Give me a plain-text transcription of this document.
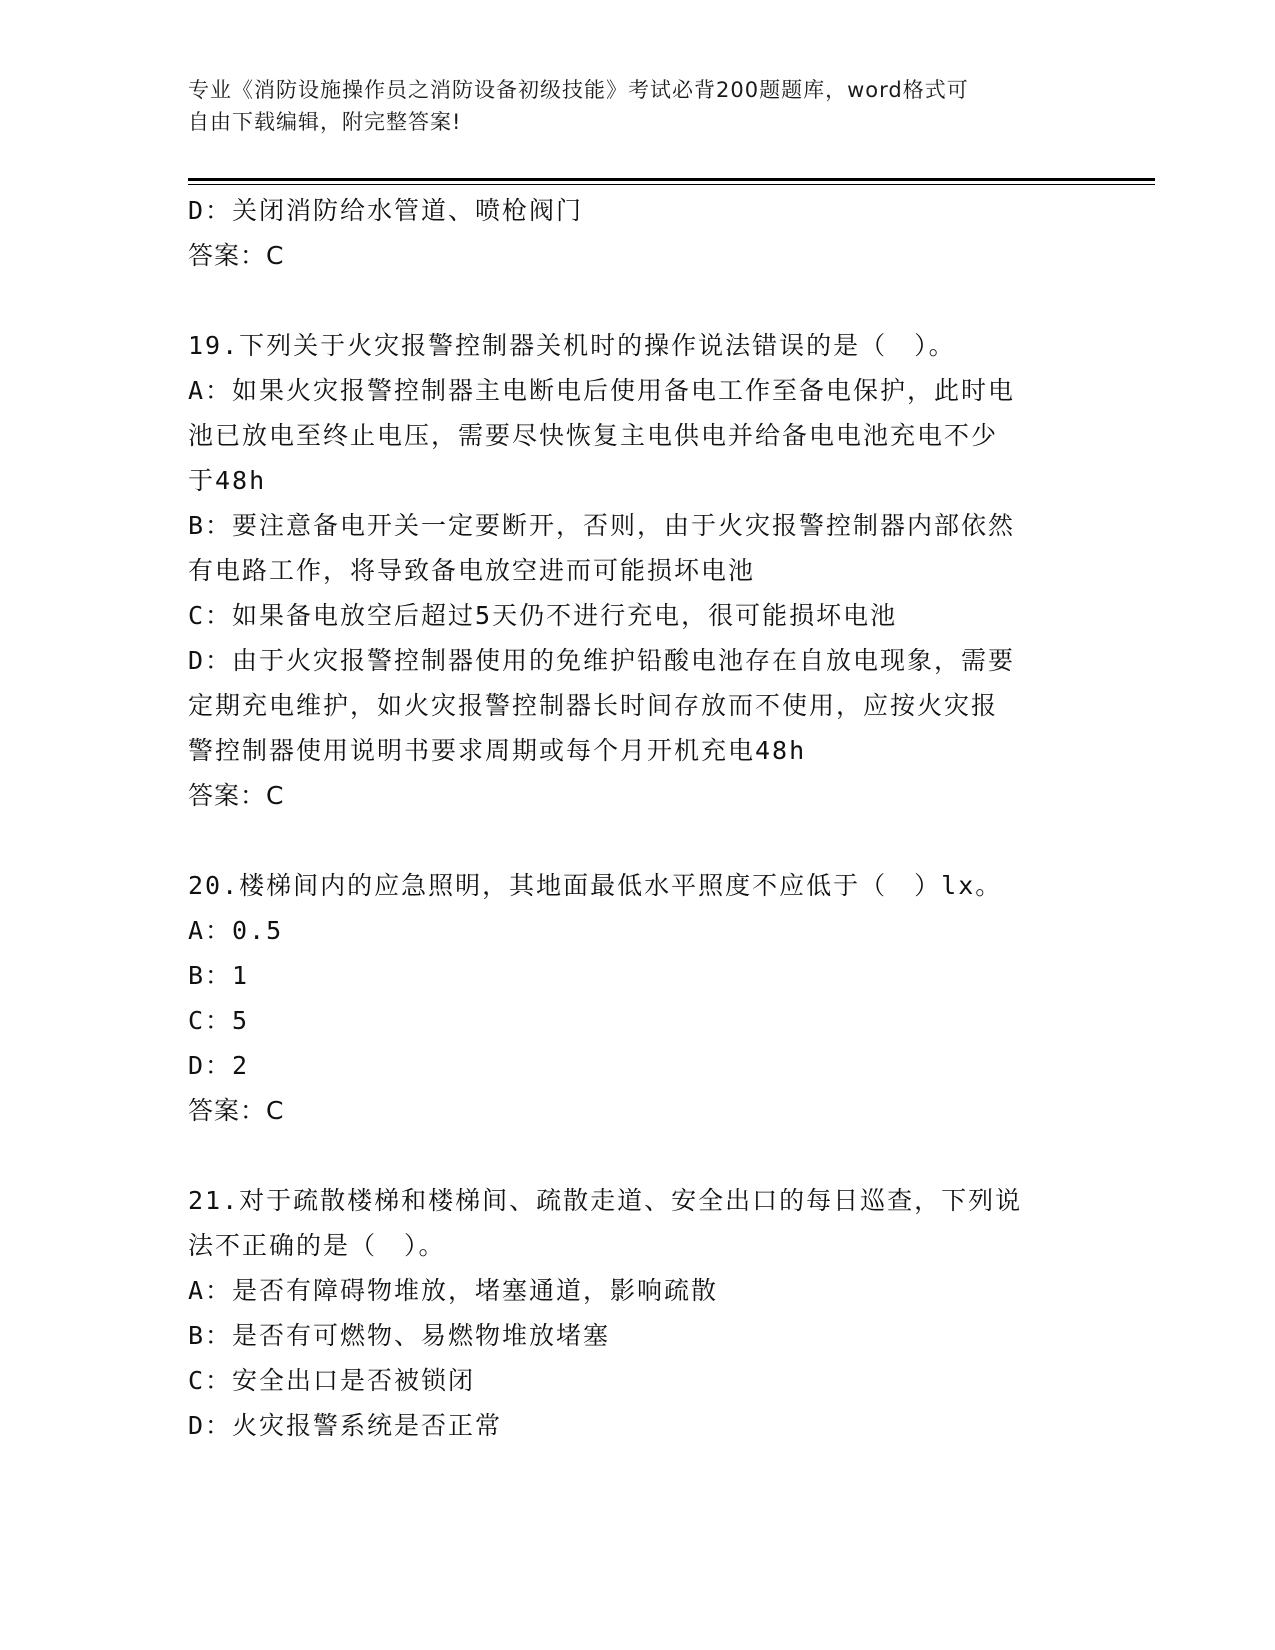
专业《消防设施操作员之消防设备初级技能》考试必背200题题库，word格式可
自由下载编辑，附完整答案!
D：关闭消防给水管道、喷枪阀门
答案：C
19.下列关于火灾报警控制器关机时的操作说法错误的是（　）。
A：如果火灾报警控制器主电断电后使用备电工作至备电保护，此时电
池已放电至终止电压，需要尽快恢复主电供电并给备电电池充电不少
于48h
B：要注意备电开关一定要断开，否则，由于火灾报警控制器内部依然
有电路工作，将导致备电放空进而可能损坏电池
C：如果备电放空后超过5天仍不进行充电，很可能损坏电池
D：由于火灾报警控制器使用的免维护铅酸电池存在自放电现象，需要
定期充电维护，如火灾报警控制器长时间存放而不使用，应按火灾报
警控制器使用说明书要求周期或每个月开机充电48h
答案：C
20.楼梯间内的应急照明，其地面最低水平照度不应低于（　）lx。
A：0.5
B：1
C：5
D：2
答案：C
21.对于疏散楼梯和楼梯间、疏散走道、安全出口的每日巡查，下列说
法不正确的是（　）。
A：是否有障碍物堆放，堵塞通道，影响疏散
B：是否有可燃物、易燃物堆放堵塞
C：安全出口是否被锁闭
D：火灾报警系统是否正常
